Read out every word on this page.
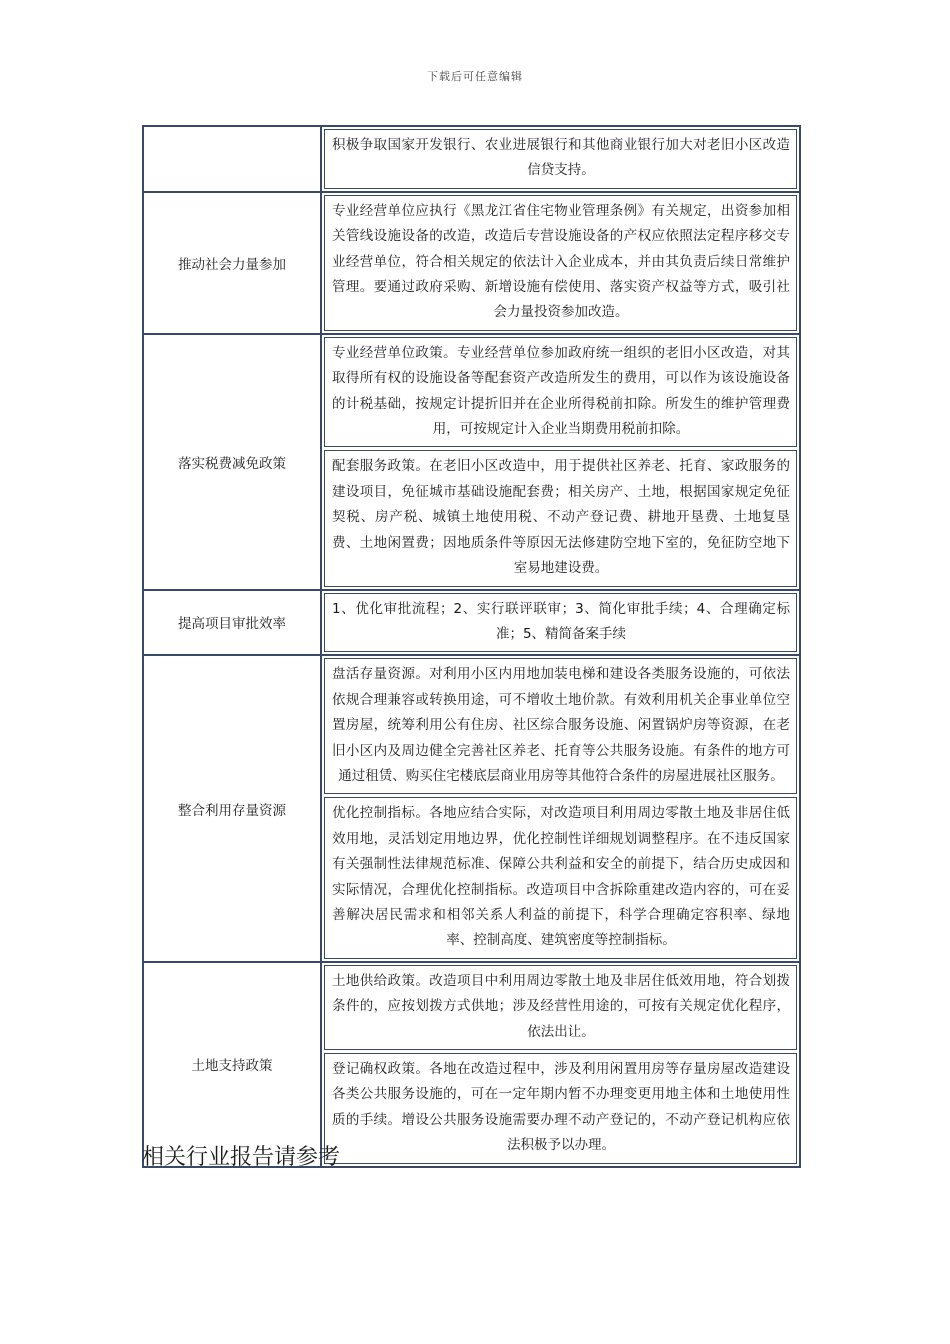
下载后可任意编辑

	积极争取国家开发银行、农业进展银行和其他商业银行加大对老旧小区改造信贷支持。

推动社会力量参加	专业经营单位应执行《黑龙江省住宅物业管理条例》有关规定，出资参加相关管线设施设备的改造，改造后专营设施设备的产权应依照法定程序移交专业经营单位，符合相关规定的依法计入企业成本，并由其负责后续日常维护管理。要通过政府采购、新增设施有偿使用、落实资产权益等方式，吸引社会力量投资参加改造。

落实税费减免政策	专业经营单位政策。专业经营单位参加政府统一组织的老旧小区改造，对其取得所有权的设施设备等配套资产改造所发生的费用，可以作为该设施设备的计税基础，按规定计提折旧并在企业所得税前扣除。所发生的维护管理费用，可按规定计入企业当期费用税前扣除。
配套服务政策。在老旧小区改造中，用于提供社区养老、托育、家政服务的建设项目，免征城市基础设施配套费；相关房产、土地，根据国家规定免征契税、房产税、城镇土地使用税、不动产登记费、耕地开垦费、土地复垦费、土地闲置费；因地质条件等原因无法修建防空地下室的，免征防空地下室易地建设费。

提高项目审批效率	1、优化审批流程；2、实行联评联审；3、简化审批手续；4、合理确定标准；5、精简备案手续

整合利用存量资源	盘活存量资源。对利用小区内用地加装电梯和建设各类服务设施的，可依法依规合理兼容或转换用途，可不增收土地价款。有效利用机关企事业单位空置房屋，统筹利用公有住房、社区综合服务设施、闲置锅炉房等资源，在老旧小区内及周边健全完善社区养老、托育等公共服务设施。有条件的地方可通过租赁、购买住宅楼底层商业用房等其他符合条件的房屋进展社区服务。
优化控制指标。各地应结合实际，对改造项目利用周边零散土地及非居住低效用地，灵活划定用地边界，优化控制性详细规划调整程序。在不违反国家有关强制性法律规范标准、保障公共利益和安全的前提下，结合历史成因和实际情况，合理优化控制指标。改造项目中含拆除重建改造内容的，可在妥善解决居民需求和相邻关系人利益的前提下，科学合理确定容积率、绿地率、控制高度、建筑密度等控制指标。

土地支持政策	土地供给政策。改造项目中利用周边零散土地及非居住低效用地，符合划拨条件的，应按划拨方式供地；涉及经营性用途的，可按有关规定优化程序，依法出让。
登记确权政策。各地在改造过程中，涉及利用闲置用房等存量房屋改造建设各类公共服务设施的，可在一定年期内暂不办理变更用地主体和土地使用性质的手续。增设公共服务设施需要办理不动产登记的，不动产登记机构应依法积极予以办理。
相关行业报告请参考
